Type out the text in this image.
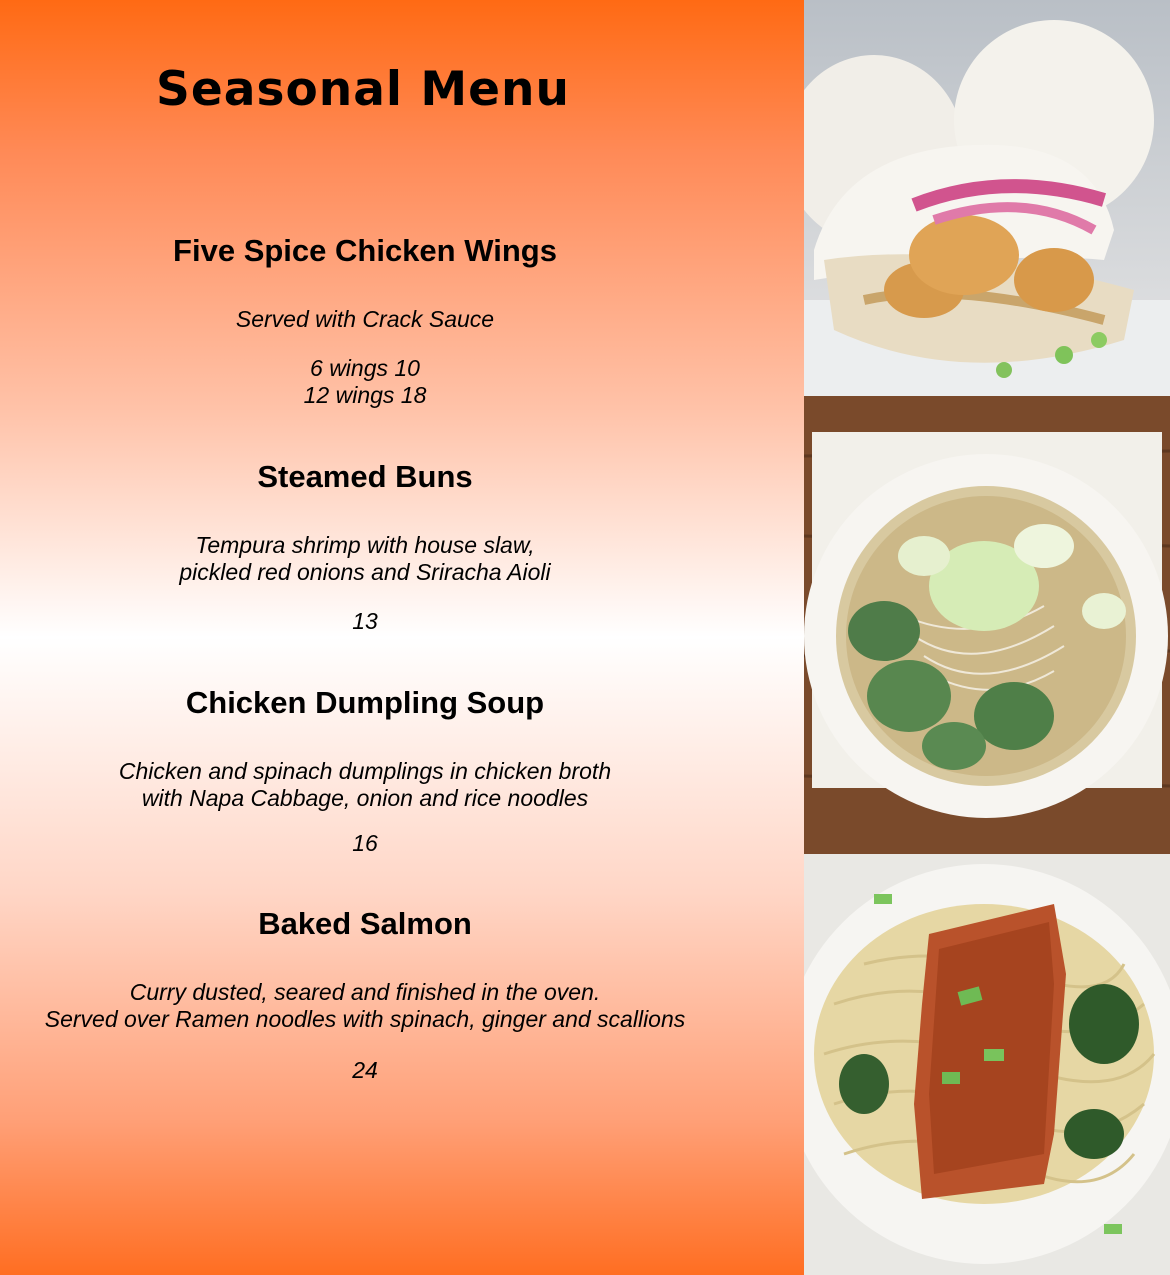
Seasonal Menu
Five Spice Chicken Wings
Served with Crack Sauce
6 wings 10
12 wings 18
Steamed Buns
Tempura shrimp with house slaw,
pickled red onions and Sriracha Aioli
13
Chicken Dumpling Soup
Chicken and spinach dumplings in chicken broth
with Napa Cabbage, onion and rice noodles
16
Baked Salmon
Curry dusted, seared and finished in the oven.
Served over Ramen noodles with spinach, ginger and scallions
24
